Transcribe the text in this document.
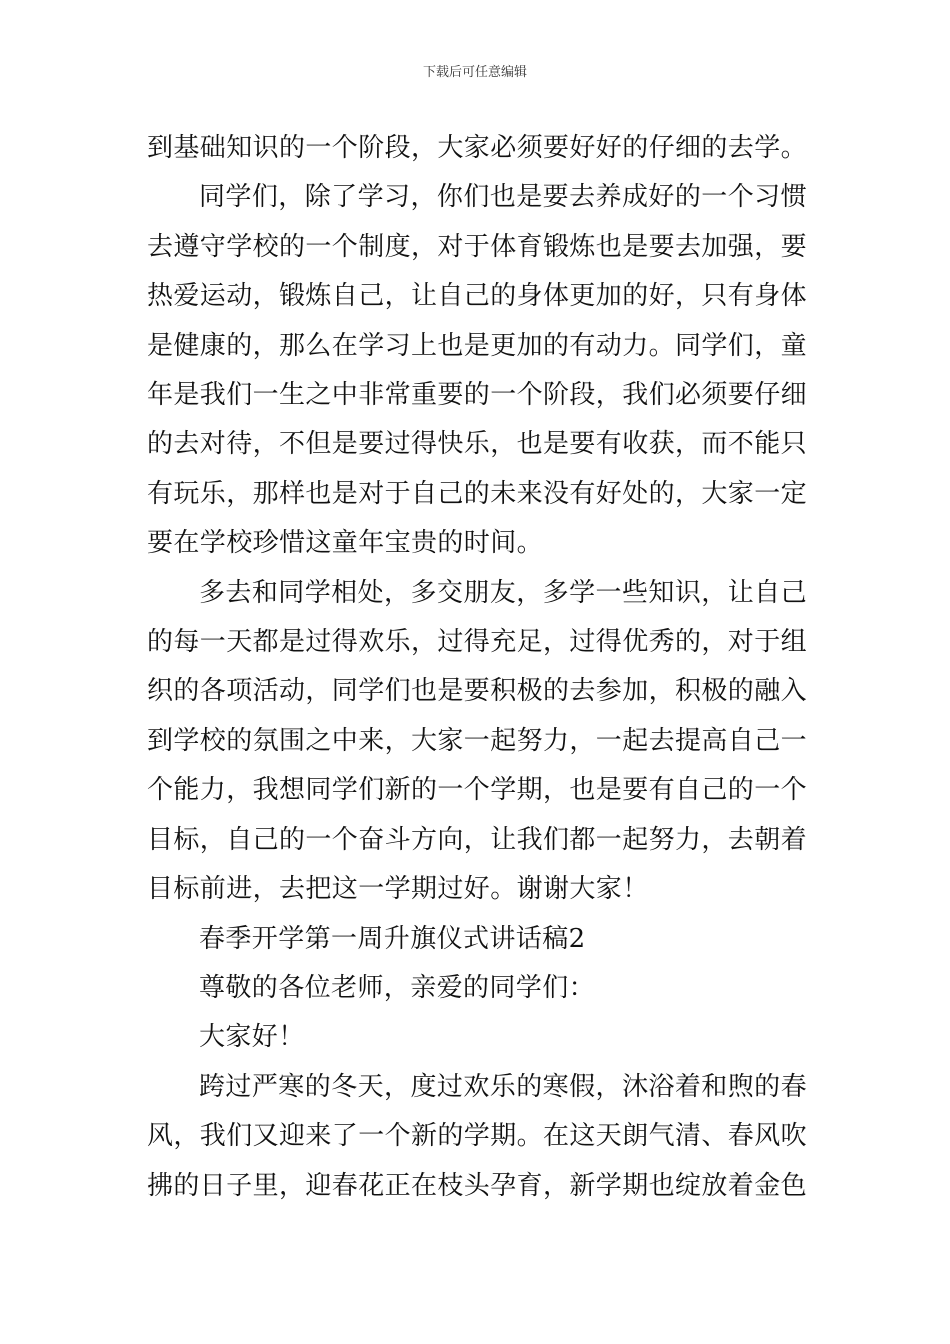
下载后可任意编辑

到基础知识的一个阶段，大家必须要好好的仔细的去学。

同学们，除了学习，你们也是要去养成好的一个习惯去遵守学校的一个制度，对于体育锻炼也是要去加强，要热爱运动，锻炼自己，让自己的身体更加的好，只有身体是健康的，那么在学习上也是更加的有动力。同学们，童年是我们一生之中非常重要的一个阶段，我们必须要仔细的去对待，不但是要过得快乐，也是要有收获，而不能只有玩乐，那样也是对于自己的未来没有好处的，大家一定要在学校珍惜这童年宝贵的时间。

多去和同学相处，多交朋友，多学一些知识，让自己的每一天都是过得欢乐，过得充足，过得优秀的，对于组织的各项活动，同学们也是要积极的去参加，积极的融入到学校的氛围之中来，大家一起努力，一起去提高自己一个能力，我想同学们新的一个学期，也是要有自己的一个目标，自己的一个奋斗方向，让我们都一起努力，去朝着目标前进，去把这一学期过好。谢谢大家！

春季开学第一周升旗仪式讲话稿2

尊敬的各位老师，亲爱的同学们：

大家好！

跨过严寒的冬天，度过欢乐的寒假，沐浴着和煦的春风，我们又迎来了一个新的学期。在这天朗气清、春风吹拂的日子里，迎春花正在枝头孕育，新学期也绽放着金色
